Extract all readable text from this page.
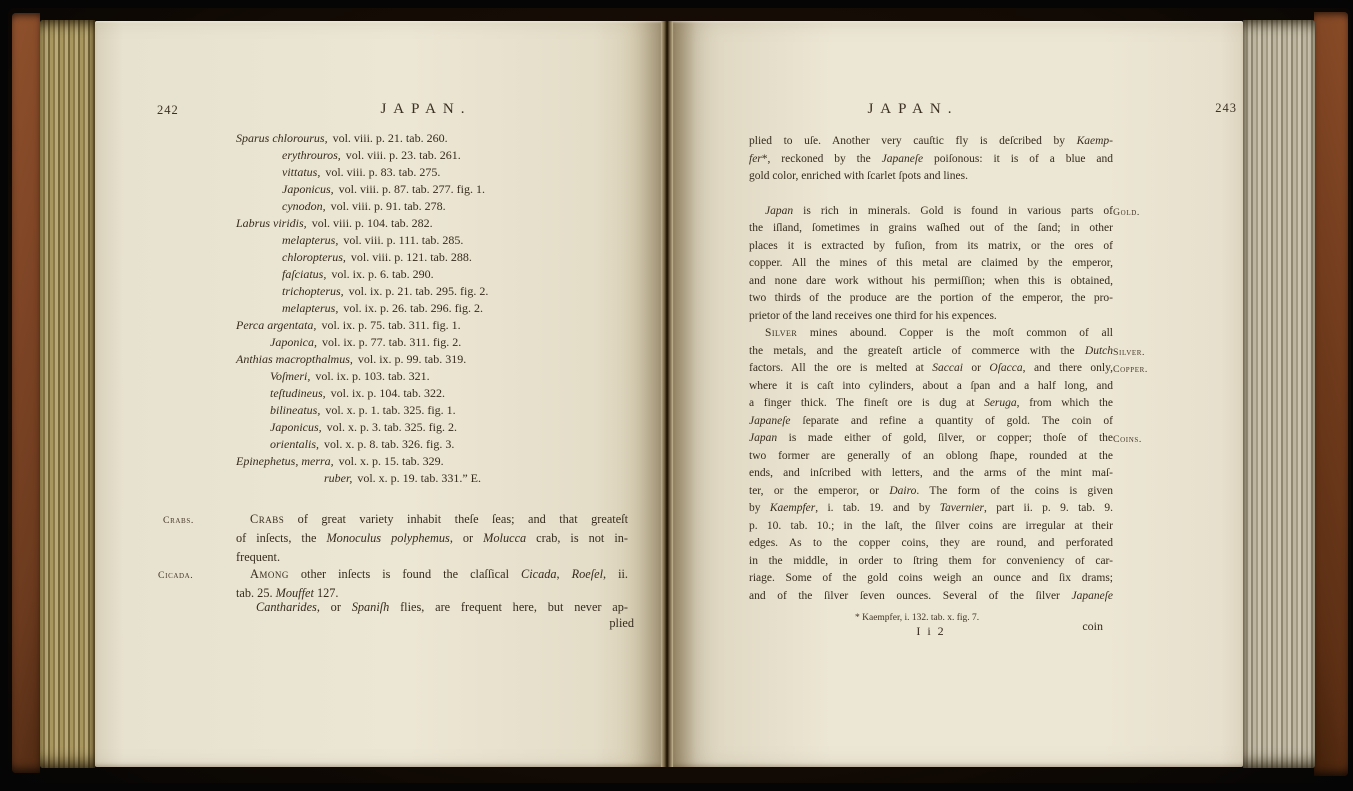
242	JAPAN.
Sparus chlorourus, vol. viii. p. 21. tab. 260.
erythrouros, vol. viii. p. 23. tab. 261.
vittatus, vol. viii. p. 83. tab. 275.
Japonicus, vol. viii. p. 87. tab. 277. fig. 1.
cynodon, vol. viii. p. 91. tab. 278.
Labrus viridis, vol. viii. p. 104. tab. 282.
melapterus, vol. viii. p. 111. tab. 285.
chloropterus, vol. viii. p. 121. tab. 288.
faſciatus, vol. ix. p. 6. tab. 290.
trichopterus, vol. ix. p. 21. tab. 295. fig. 2.
melapterus, vol. ix. p. 26. tab. 296. fig. 2.
Perca argentata, vol. ix. p. 75. tab. 311. fig. 1.
Japonica, vol. ix. p. 77. tab. 311. fig. 2.
Anthias macropthalmus, vol. ix. p. 99. tab. 319.
Voſmeri, vol. ix. p. 103. tab. 321.
teſtudineus, vol. ix. p. 104. tab. 322.
bilineatus, vol. x. p. 1. tab. 325. fig. 1.
Japonicus, vol. x. p. 3. tab. 325. fig. 2.
orientalis, vol. x. p. 8. tab. 326. fig. 3.
Epinephetus, merra, vol. x. p. 15. tab. 329.
ruber, vol. x. p. 19. tab. 331.” E.
Crabs.	Crabs of great variety inhabit theſe ſeas; and that greateſt
of inſects, the Monoculus polyphemus, or Molucca crab, is not in-
frequent.
Cicada.	Among other inſects is found the claſſical Cicada, Roeſel, ii.
tab. 25. Mouffet 127.
Cantharides, or Spaniſh flies, are frequent here, but never ap-
plied
JAPAN.	243
plied to uſe. Another very cauſtic fly is deſcribed by Kaemp-
fer*, reckoned by the Japaneſe poiſonous: it is of a blue and
gold color, enriched with ſcarlet ſpots and lines.
Gold.
Japan is rich in minerals. Gold is found in various parts of
the iſland, ſometimes in grains waſhed out of the ſand; in other
places it is extracted by fuſion, from its matrix, or the ores of
copper. All the mines of this metal are claimed by the emperor,
and none dare work without his permiſſion; when this is obtained,
two thirds of the produce are the portion of the emperor, the pro-
prietor of the land receives one third for his expences.
Silver mines abound. Copper is the moſt common of all
Silver.
the metals, and the greateſt article of commerce with the Dutch
Copper.
factors. All the ore is melted at Saccai or Oſacca, and there only,
where it is caſt into cylinders, about a ſpan and a half long, and
a finger thick. The fineſt ore is dug at Seruga, from which the
Japaneſe ſeparate and refine a quantity of gold. The coin of
Coins.
Japan is made either of gold, ſilver, or copper; thoſe of the
two former are generally of an oblong ſhape, rounded at the
ends, and inſcribed with letters, and the arms of the mint maſ-
ter, or the emperor, or Dairo. The form of the coins is given
by Kaempfer, i. tab. 19. and by Tavernier, part ii. p. 9. tab. 9.
p. 10. tab. 10.; in the laſt, the ſilver coins are irregular at their
edges. As to the copper coins, they are round, and perforated
in the middle, in order to ſtring them for conveniency of car-
riage. Some of the gold coins weigh an ounce and ſix drams;
and of the ſilver ſeven ounces. Several of the ſilver Japaneſe
* Kaempfer, i. 132. tab. x. fig. 7.
I i 2	coin
